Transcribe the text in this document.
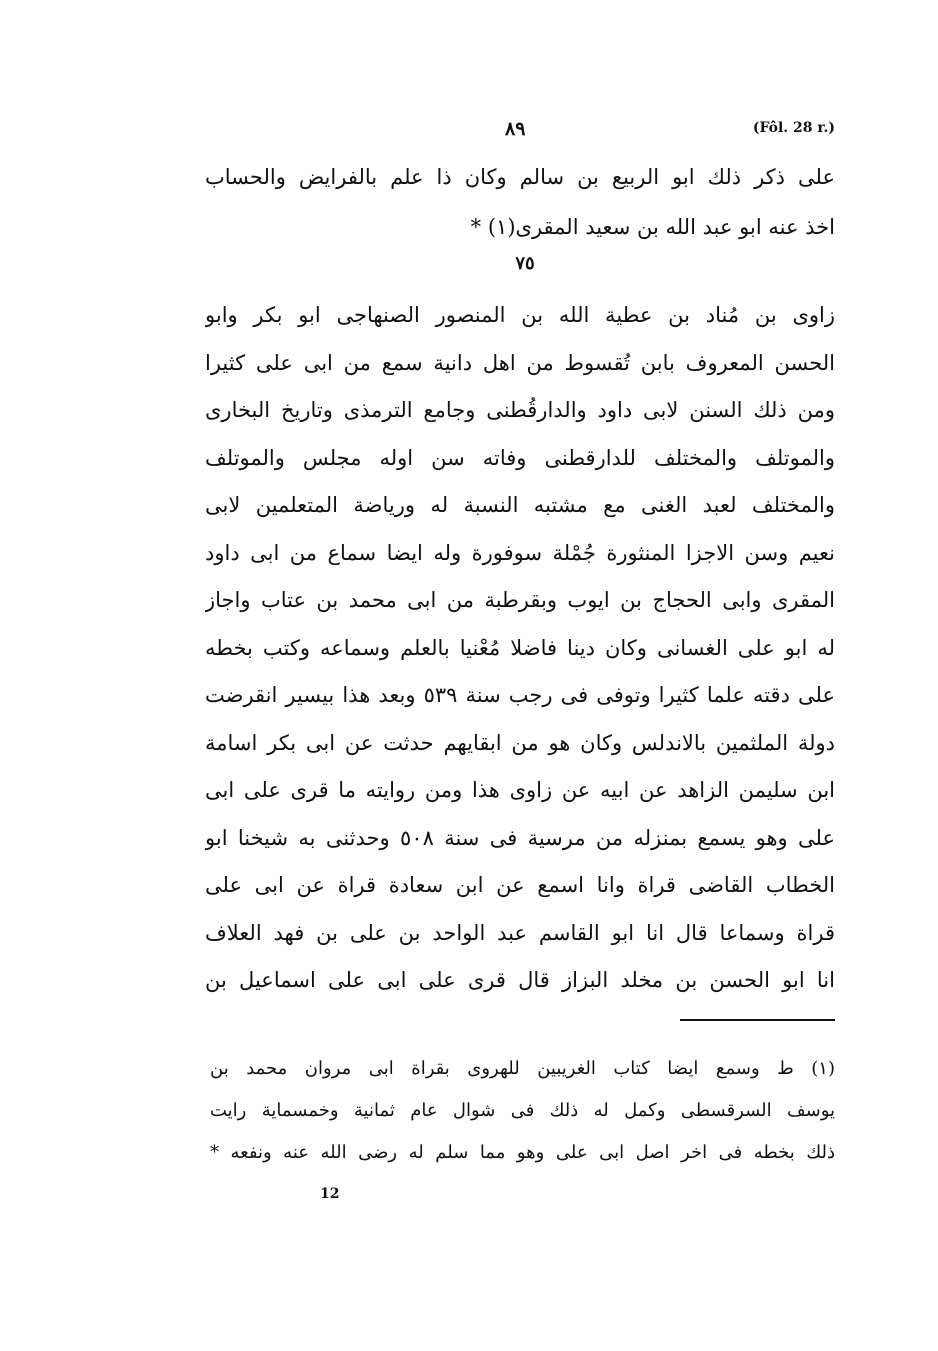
٨٩	(Fôl. 28 r.)
على ذكر ذلك ابو الربيع بن سالم وكان ذا علم بالفرايض والحساب
اخذ عنه ابو عبد الله بن سعيد المقرى(١) *
٧٥
زاوى بن مُناد بن عطية الله بن المنصور الصنهاجى ابو بكر وابو
الحسن المعروف بابن تُقسوط من اهل دانية سمع من ابى على كثيرا
ومن ذلك السنن لابى داود والدارقُطنى وجامع الترمذى وتاريخ البخارى
والموتلف والمختلف للدارقطنى وفاته سن اوله مجلس والموتلف
والمختلف لعبد الغنى مع مشتبه النسبة له ورياضة المتعلمين لابى
نعيم وسن الاجزا المنثورة جُمْلة سوفورة وله ايضا سماع من ابى داود
المقرى وابى الحجاج بن ايوب وبقرطبة من ابى محمد بن عتاب واجاز
له ابو على الغسانى وكان دينا فاضلا مُعْنيا بالعلم وسماعه وكتب بخطه
على دقته علما كثيرا وتوفى فى رجب سنة ٥٣٩ وبعد هذا بيسير انقرضت
دولة الملثمين بالاندلس وكان هو من ابقايهم حدثت عن ابى بكر اسامة
ابن سليمن الزاهد عن ابيه عن زاوى هذا ومن روايته ما قرى على ابى
على وهو يسمع بمنزله من مرسية فى سنة ٥٠٨ وحدثنى به شيخنا ابو
الخطاب القاضى قراة وانا اسمع عن ابن سعادة قراة عن ابى على
قراة وسماعا قال انا ابو القاسم عبد الواحد بن على بن فهد العلاف
انا ابو الحسن بن مخلد البزاز قال قرى على ابى على اسماعيل بن
(١) ط وسمع ايضا كتاب الغريبين للهروى بقراة ابى مروان محمد بن
يوسف السرقسطى وكمل له ذلك فى شوال عام ثمانية وخمسماية رايت
ذلك بخطه فى اخر اصل ابى على وهو مما سلم له رضى الله عنه ونفعه *
12
